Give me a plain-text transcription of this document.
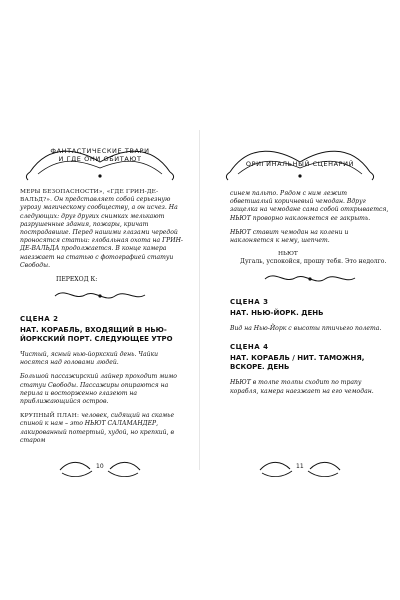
ФАНТАСТИЧЕСКИЕ ТВАРИ
И ГДЕ ОНИ ОБИТАЮТ

МЕРЫ БЕЗОПАСНОСТИ», «ГДЕ ГРИН-ДЕ-ВАЛЬД?». Он представляет собой серьезную угрозу магическому сообществу, а он исчез. На следующих: друг других снимках мелькают разрушенные здания, пожары, кричат пострадавшие. Перед нашими глазами чередой проносятся статьи: глобальная охота на ГРИН-ДЕ-ВАЛЬДА продолжается. В конце камера наезжает на статью с фотографией статуи Свободы.

ПЕРЕХОД К:
СЦЕНА 2
НАТ. КОРАБЛЬ, ВХОДЯЩИЙ В НЬЮ-ЙОРКСКИЙ ПОРТ. СЛЕДУЮЩЕЕ УТРО

Чистый, ясный нью-йоркский день. Чайки носятся над головами людей.

Большой пассажирский лайнер проходит мимо статуи Свободы. Пассажиры опираются на перила и восторженно глазеют на приближающийся остров.

КРУПНЫЙ ПЛАН: человек, сидящий на скамье спиной к нам – это НЬЮТ САЛАМАНДЕР, лакированный потертый, худой, но крепкий, в старом

10
ОРИГИНАЛЬНЫЙ СЦЕНАРИЙ

синем пальто. Рядом с ним лежит обветшалый коричневый чемодан. Вдруг защелка на чемодане сама собой открывается, НЬЮТ проворно наклоняется ее закрыть.

НЬЮТ ставит чемодан на колени и наклоняется к нему, шепчет.

НЬЮТ
Дугаль, успокойся, прошу тебя. Это недолго.
СЦЕНА 3
НАТ. НЬЮ-ЙОРК. ДЕНЬ

Вид на Нью-Йорк с высоты птичьего полета.

СЦЕНА 4
НАТ. КОРАБЛЬ / НИТ. ТАМОЖНЯ, ВСКОРЕ. ДЕНЬ

НЬЮТ в толпе толпы сходит по трапу корабля, камера наезжает на его чемодан.

11
